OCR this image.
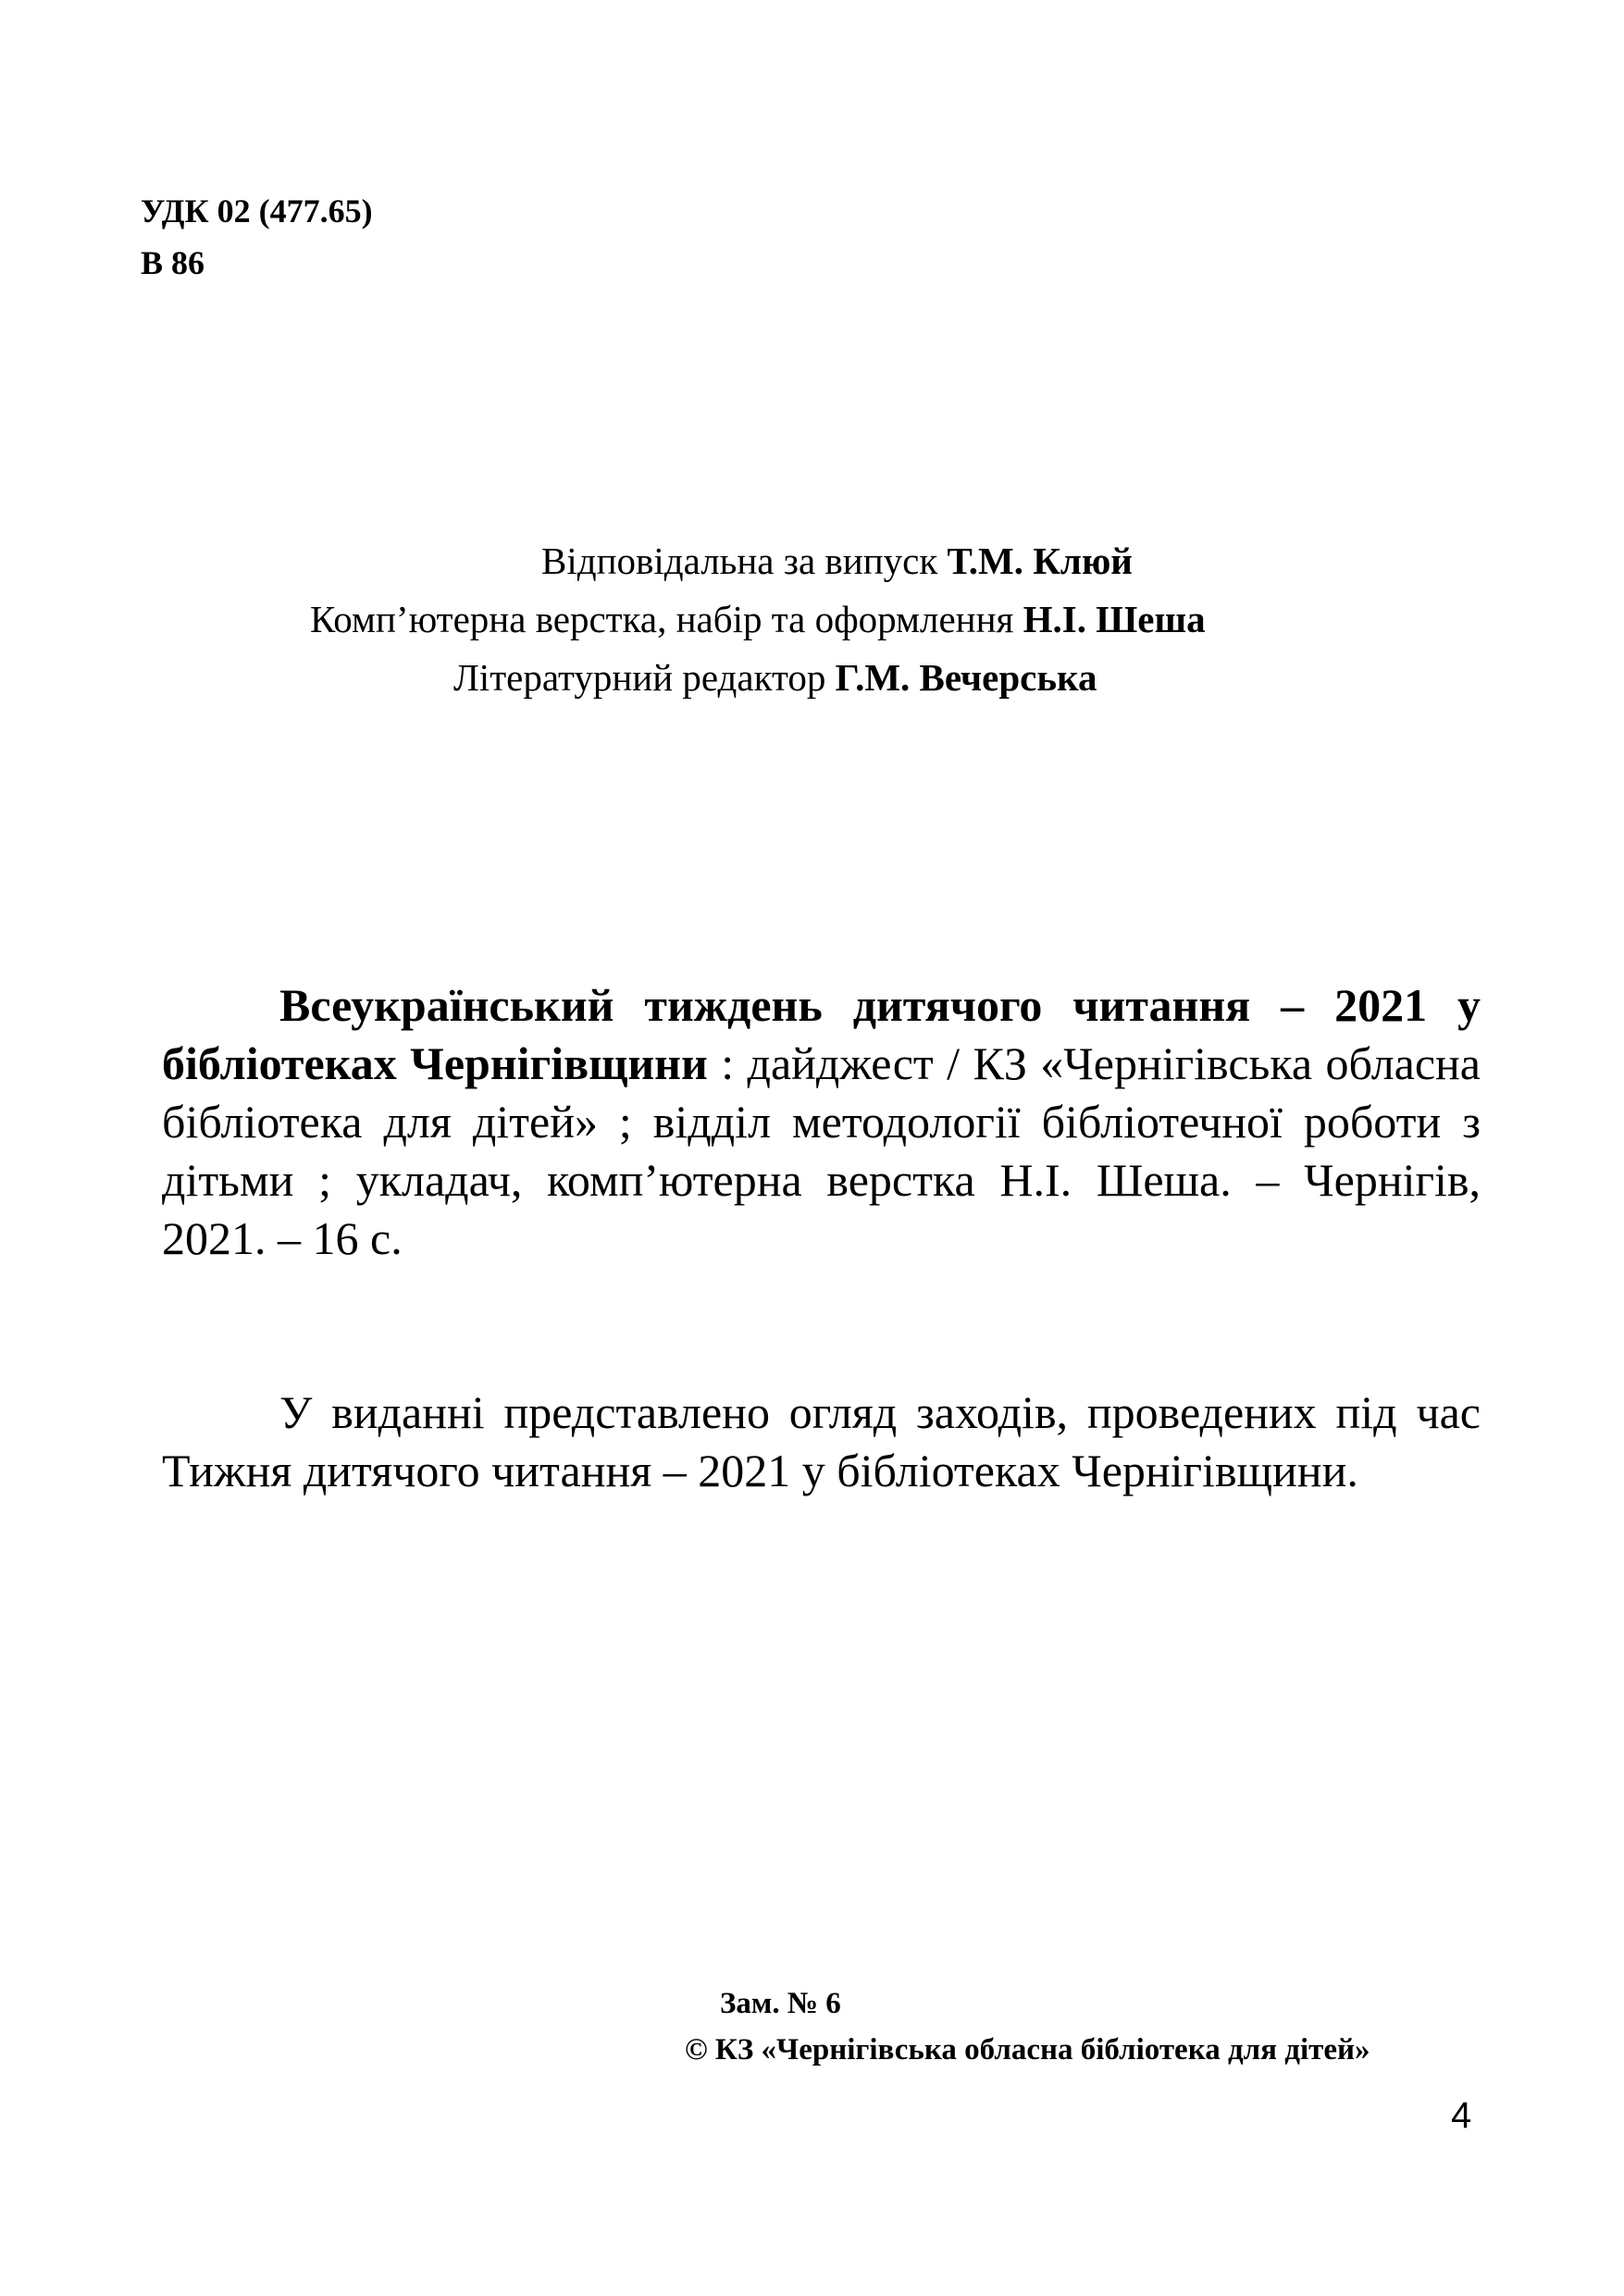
УДК 02 (477.65)
В 86
Відповідальна за випуск Т.М. Клюй
Комп’ютерна верстка, набір та оформлення Н.І. Шеша
Літературний редактор Г.М. Вечерська

Всеукраїнський тиждень дитячого читання – 2021 у бібліотеках Чернігівщини : дайджест / КЗ «Чернігівська обласна бібліотека для дітей» ; відділ методології бібліотечної роботи з дітьми ; укладач, комп’ютерна верстка Н.І. Шеша. – Чернігів, 2021. – 16 с.

У виданні представлено огляд заходів, проведених під час Тижня дитячого читання – 2021 у бібліотеках Чернігівщини.

Зам. № 6
© КЗ «Чернігівська обласна бібліотека для дітей»
4
